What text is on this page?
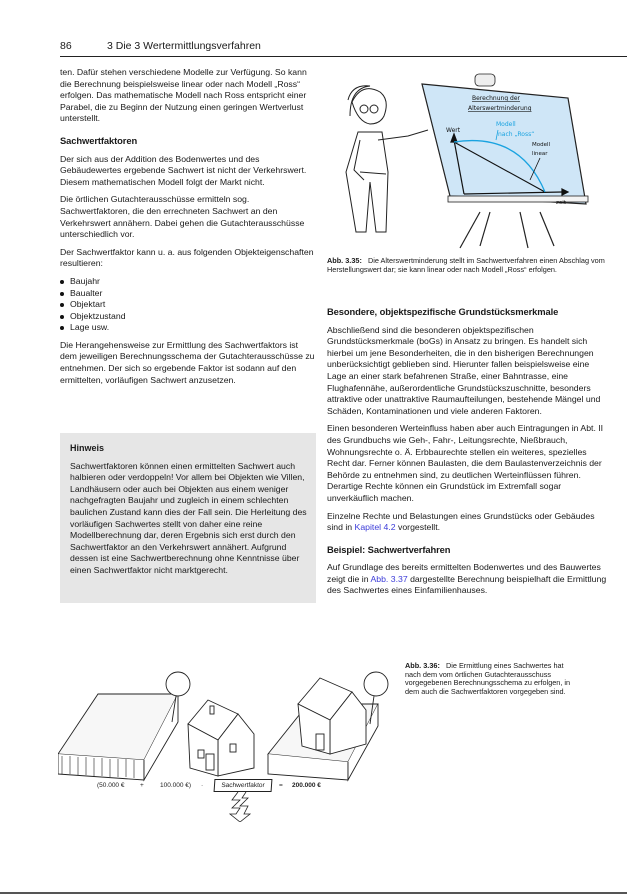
86	3 Die 3 Wertermittlungsverfahren

ten. Dafür stehen verschiedene Modelle zur Verfügung. So kann die Berechnung beispielsweise linear oder nach Modell „Ross“ erfolgen. Das mathematische Modell nach Ross entspricht einer Parabel, die zu Beginn der Nutzung einen geringen Wertverlust unterstellt.

Sachwertfaktoren

Der sich aus der Addition des Bodenwertes und des Gebäudewertes ergebende Sachwert ist nicht der Verkehrswert. Diesem mathematischen Modell folgt der Markt nicht.

Die örtlichen Gutachterausschüsse ermitteln sog. Sachwertfaktoren, die den errechneten Sachwert an den Verkehrswert annähern. Dabei gehen die Gutachterausschüsse unterschiedlich vor.

Der Sachwertfaktor kann u. a. aus folgenden Objekteigenschaften resultieren:

Baujahr
Baualter
Objektart
Objektzustand
Lage usw.

Die Herangehensweise zur Ermittlung des Sachwertfaktors ist dem jeweiligen Berechnungsschema der Gutachterausschüsse zu entnehmen. Der sich so ergebende Faktor ist sodann auf den ermittelten, vorläufigen Sachwert anzusetzen.

Hinweis
Sachwertfaktoren können einen ermittelten Sachwert auch halbieren oder verdoppeln! Vor allem bei Objekten wie Villen, Landhäusern oder auch bei Objekten aus einem weniger nachgefragten Baujahr und zugleich in einem schlechten baulichen Zustand kann dies der Fall sein. Die Herleitung des vorläufigen Sachwertes stellt von daher eine reine Modellberechnung dar, deren Ergebnis sich erst durch den Sachwertfaktor an den Verkehrswert annähert. Aufgrund dessen ist eine Sachwertberechnung ohne Kenntnisse über einen Sachwertfaktor nicht marktgerecht.
Berechnung der
Alterswertminderung
Wert
zeit
Modell
nach „Ross“
Modell
linear
Abb. 3.35: Die Alterswertminderung stellt im Sachwertverfahren einen Abschlag vom Herstellungswert dar; sie kann linear oder nach Modell „Ross“ erfolgen.
Besondere, objektspezifische Grundstücksmerkmale

Abschließend sind die besonderen objektspezifischen Grundstücksmerkmale (boGs) in Ansatz zu bringen. Es handelt sich hierbei um jene Besonderheiten, die in den bisherigen Berechnungen unberücksichtigt geblieben sind. Hierunter fallen beispielsweise eine Lage an einer stark befahrenen Straße, einer Bahntrasse, eine Flughafennähe, außerordentliche Grundstückszuschnitte, besonders attraktive oder unattraktive Raumaufteilungen, bestehende Mängel und Schäden, Kontaminationen und viele anderen Faktoren.

Einen besonderen Werteinfluss haben aber auch Eintragungen in Abt. II des Grundbuchs wie Geh-, Fahr-, Leitungsrechte, Nießbrauch, Wohnungsrechte o. Ä. Erbbaurechte stellen ein weiteres, spezielles Recht dar. Ferner können Baulasten, die dem Baulastenverzeichnis der Behörde zu entnehmen sind, zu deutlichen Werteinflüssen führen. Derartige Rechte können ein Grundstück im Extremfall sogar unverkäuflich machen.

Einzelne Rechte und Belastungen eines Grundstücks oder Gebäudes sind in Kapitel 4.2 vorgestellt.

Beispiel: Sachwertverfahren

Auf Grundlage des bereits ermittelten Bodenwertes und des Bauwertes zeigt die in Abb. 3.37 dargestellte Berechnung beispielhaft die Ermittlung des Sachwertes eines Einfamilienhauses.

(50.000 € + 100.000 €) ·	Sachwertfaktor	= 200.000 €
Abb. 3.36: Die Ermittlung eines Sachwertes hat nach dem vom örtlichen Gutachterausschuss vorgegebenen Berechnungsschema zu erfolgen, in dem auch die Sachwertfaktoren vorgegeben sind.
